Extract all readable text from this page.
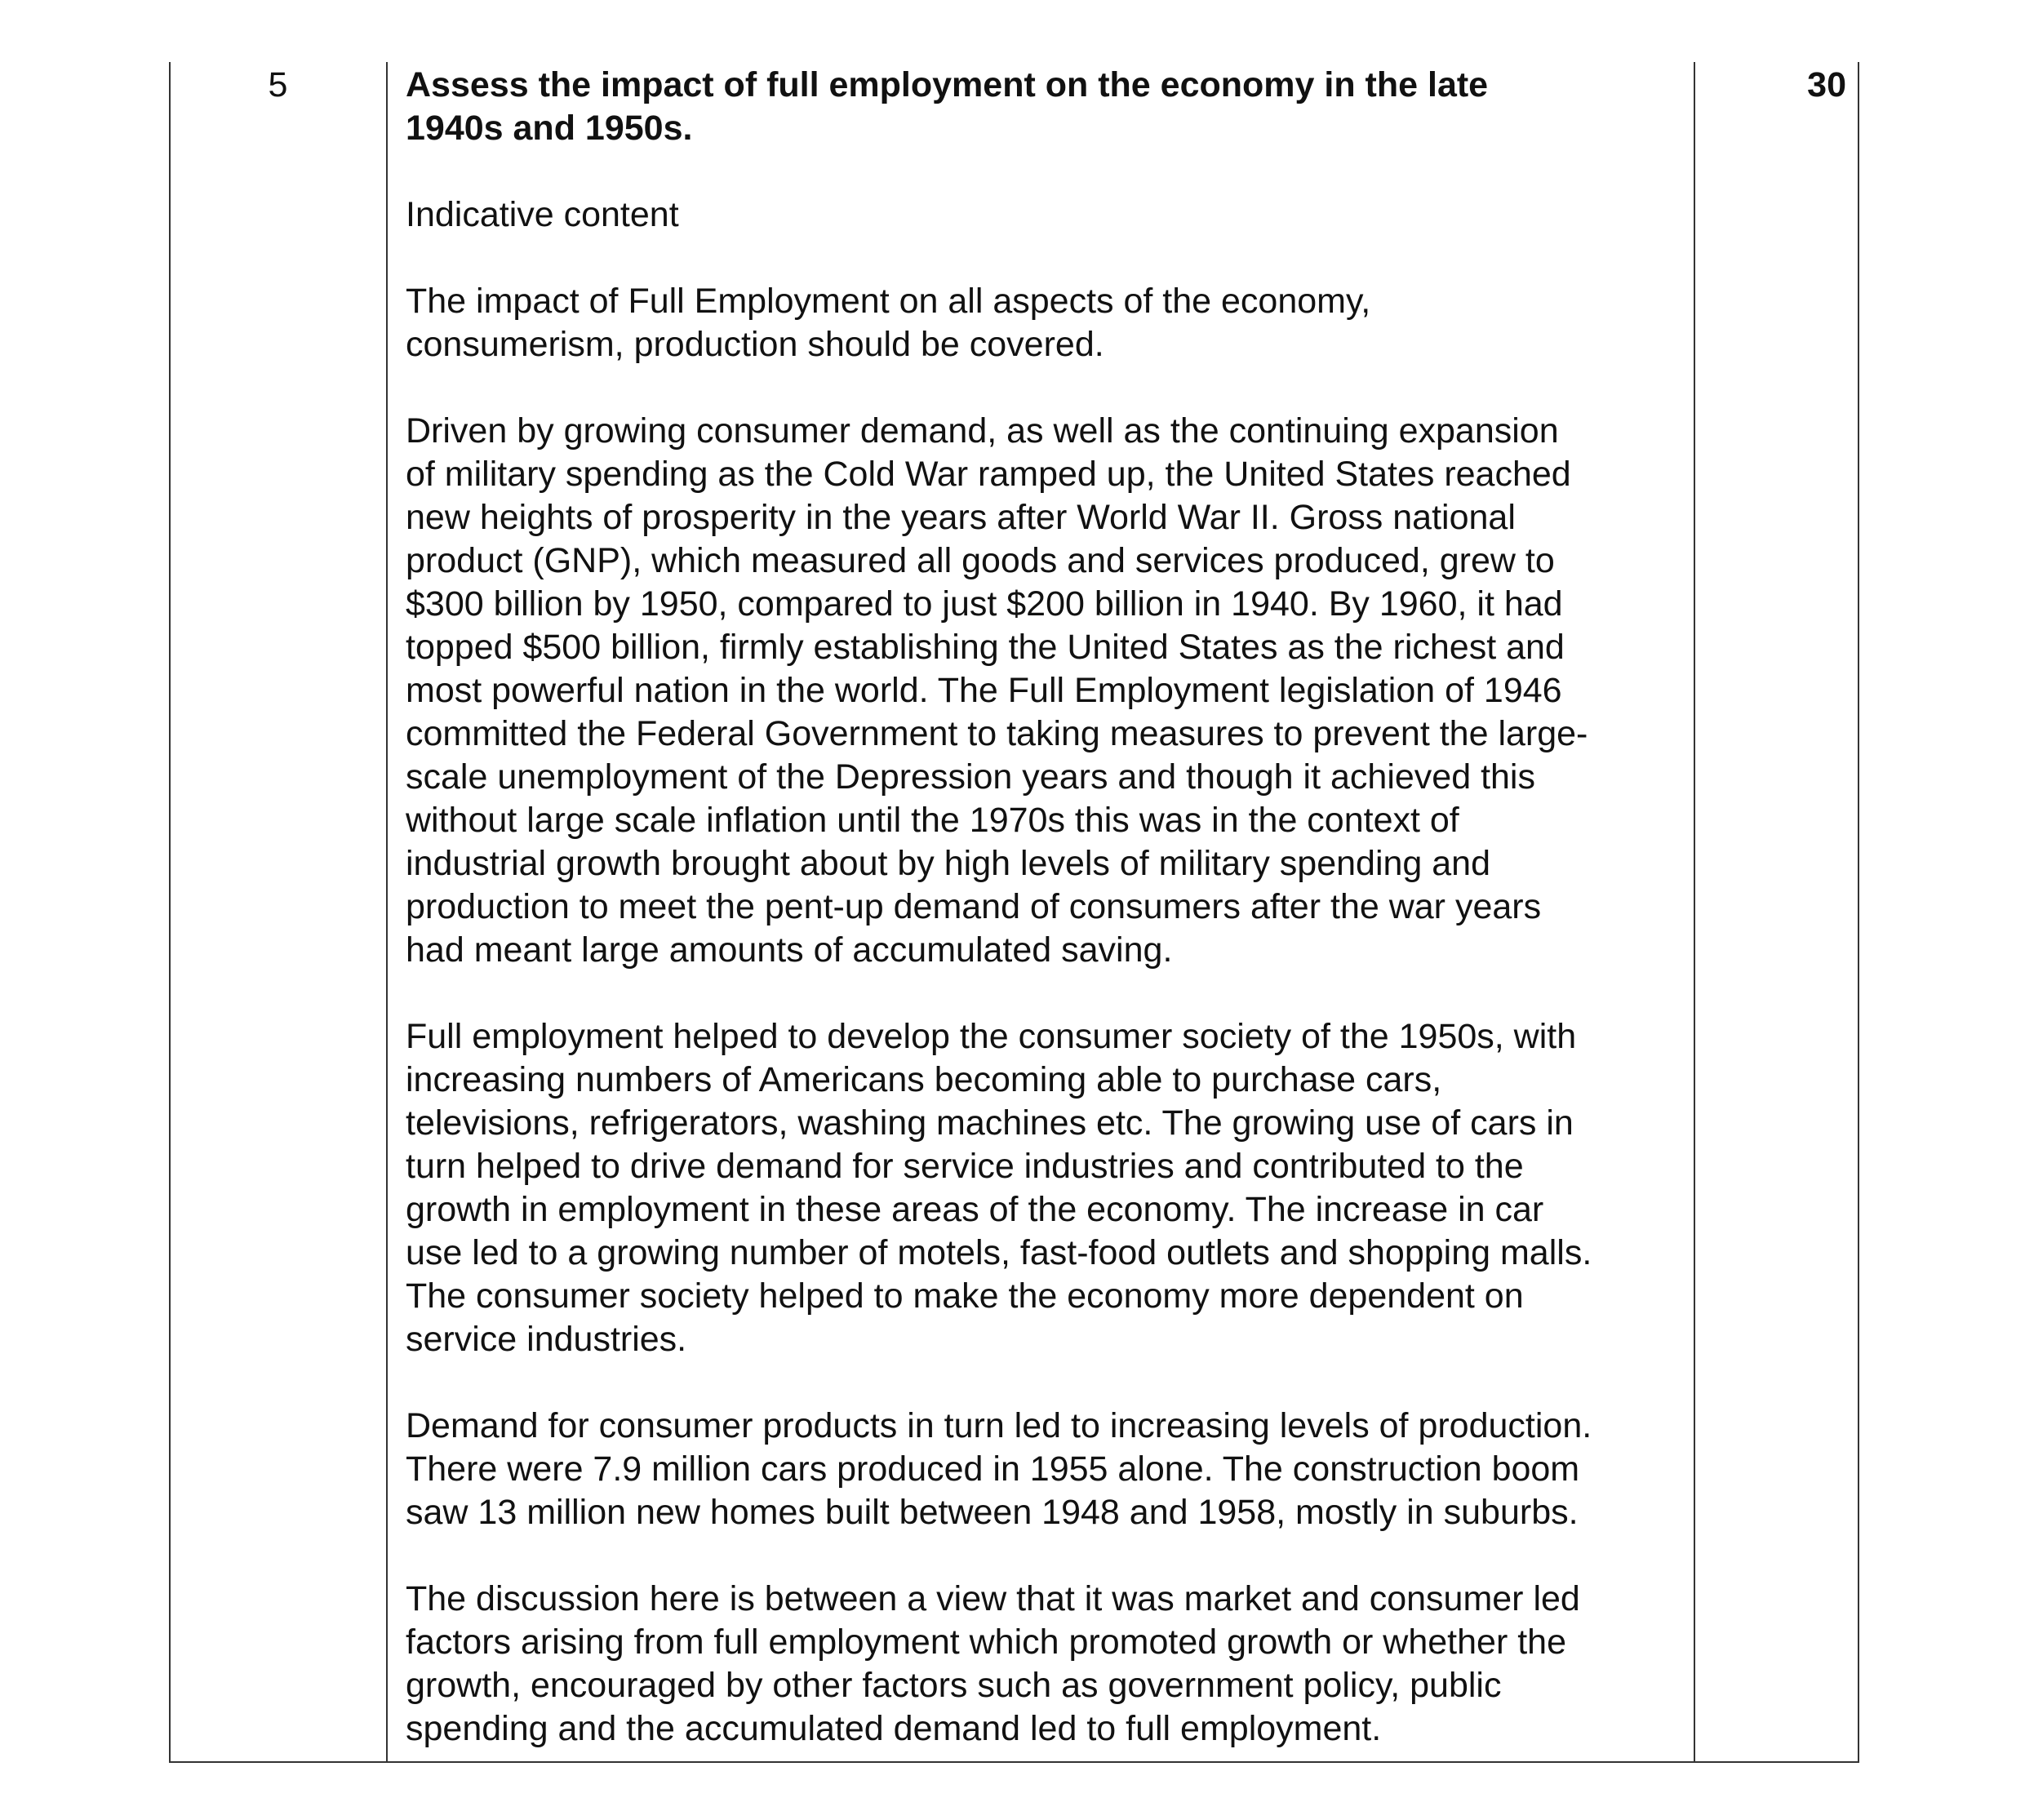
5	Assess the impact of full employment on the economy in the late
1940s and 1950s.
Indicative content
The impact of Full Employment on all aspects of the economy,
consumerism, production should be covered.
Driven by growing consumer demand, as well as the continuing expansion
of military spending as the Cold War ramped up, the United States reached
new heights of prosperity in the years after World War II. Gross national
product (GNP), which measured all goods and services produced, grew to
$300 billion by 1950, compared to just $200 billion in 1940. By 1960, it had
topped $500 billion, firmly establishing the United States as the richest and
most powerful nation in the world. The Full Employment legislation of 1946
committed the Federal Government to taking measures to prevent the large-
scale unemployment of the Depression years and though it achieved this
without large scale inflation until the 1970s this was in the context of
industrial growth brought about by high levels of military spending and
production to meet the pent-up demand of consumers after the war years
had meant large amounts of accumulated saving.
Full employment helped to develop the consumer society of the 1950s, with
increasing numbers of Americans becoming able to purchase cars,
televisions, refrigerators, washing machines etc. The growing use of cars in
turn helped to drive demand for service industries and contributed to the
growth in employment in these areas of the economy. The increase in car
use led to a growing number of motels, fast-food outlets and shopping malls.
The consumer society helped to make the economy more dependent on
service industries.
Demand for consumer products in turn led to increasing levels of production.
There were 7.9 million cars produced in 1955 alone. The construction boom
saw 13 million new homes built between 1948 and 1958, mostly in suburbs.
The discussion here is between a view that it was market and consumer led
factors arising from full employment which promoted growth or whether the
growth, encouraged by other factors such as government policy, public
spending and the accumulated demand led to full employment.
30
